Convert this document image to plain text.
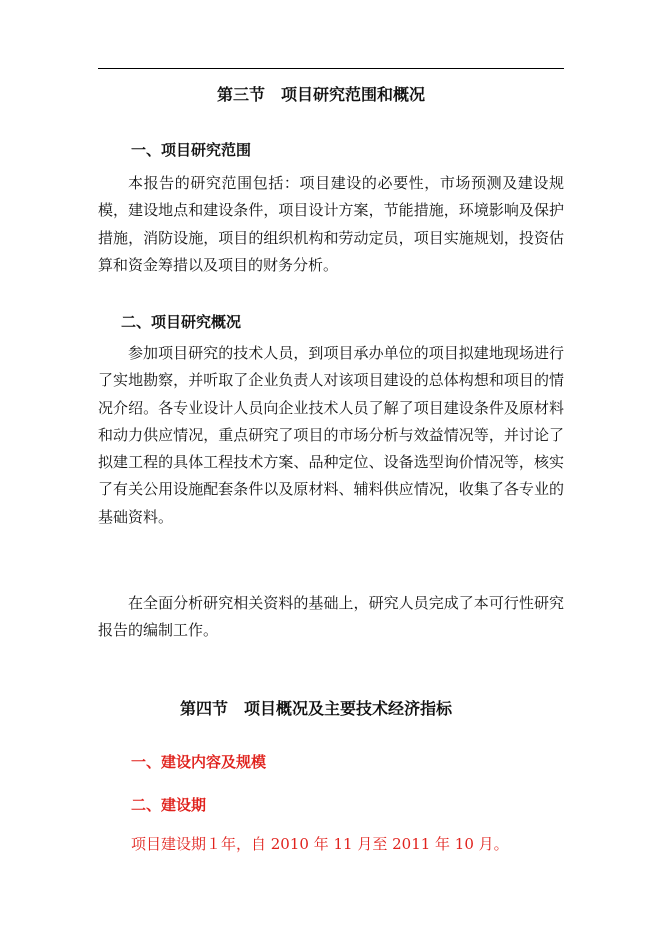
第三节　项目研究范围和概况

一、项目研究范围

本报告的研究范围包括：项目建设的必要性，市场预测及建设规模，建设地点和建设条件，项目设计方案，节能措施，环境影响及保护措施，消防设施，项目的组织机构和劳动定员，项目实施规划，投资估算和资金筹措以及项目的财务分析。

二、项目研究概况

参加项目研究的技术人员，到项目承办单位的项目拟建地现场进行了实地勘察，并听取了企业负责人对该项目建设的总体构想和项目的情况介绍。各专业设计人员向企业技术人员了解了项目建设条件及原材料和动力供应情况，重点研究了项目的市场分析与效益情况等，并讨论了拟建工程的具体工程技术方案、品种定位、设备选型询价情况等，核实了有关公用设施配套条件以及原材料、辅料供应情况，收集了各专业的基础资料。

在全面分析研究相关资料的基础上，研究人员完成了本可行性研究报告的编制工作。

第四节　项目概况及主要技术经济指标

一、建设内容及规模

二、建设期

项目建设期１年，自 2010 年 11 月至 2011 年 10 月。
